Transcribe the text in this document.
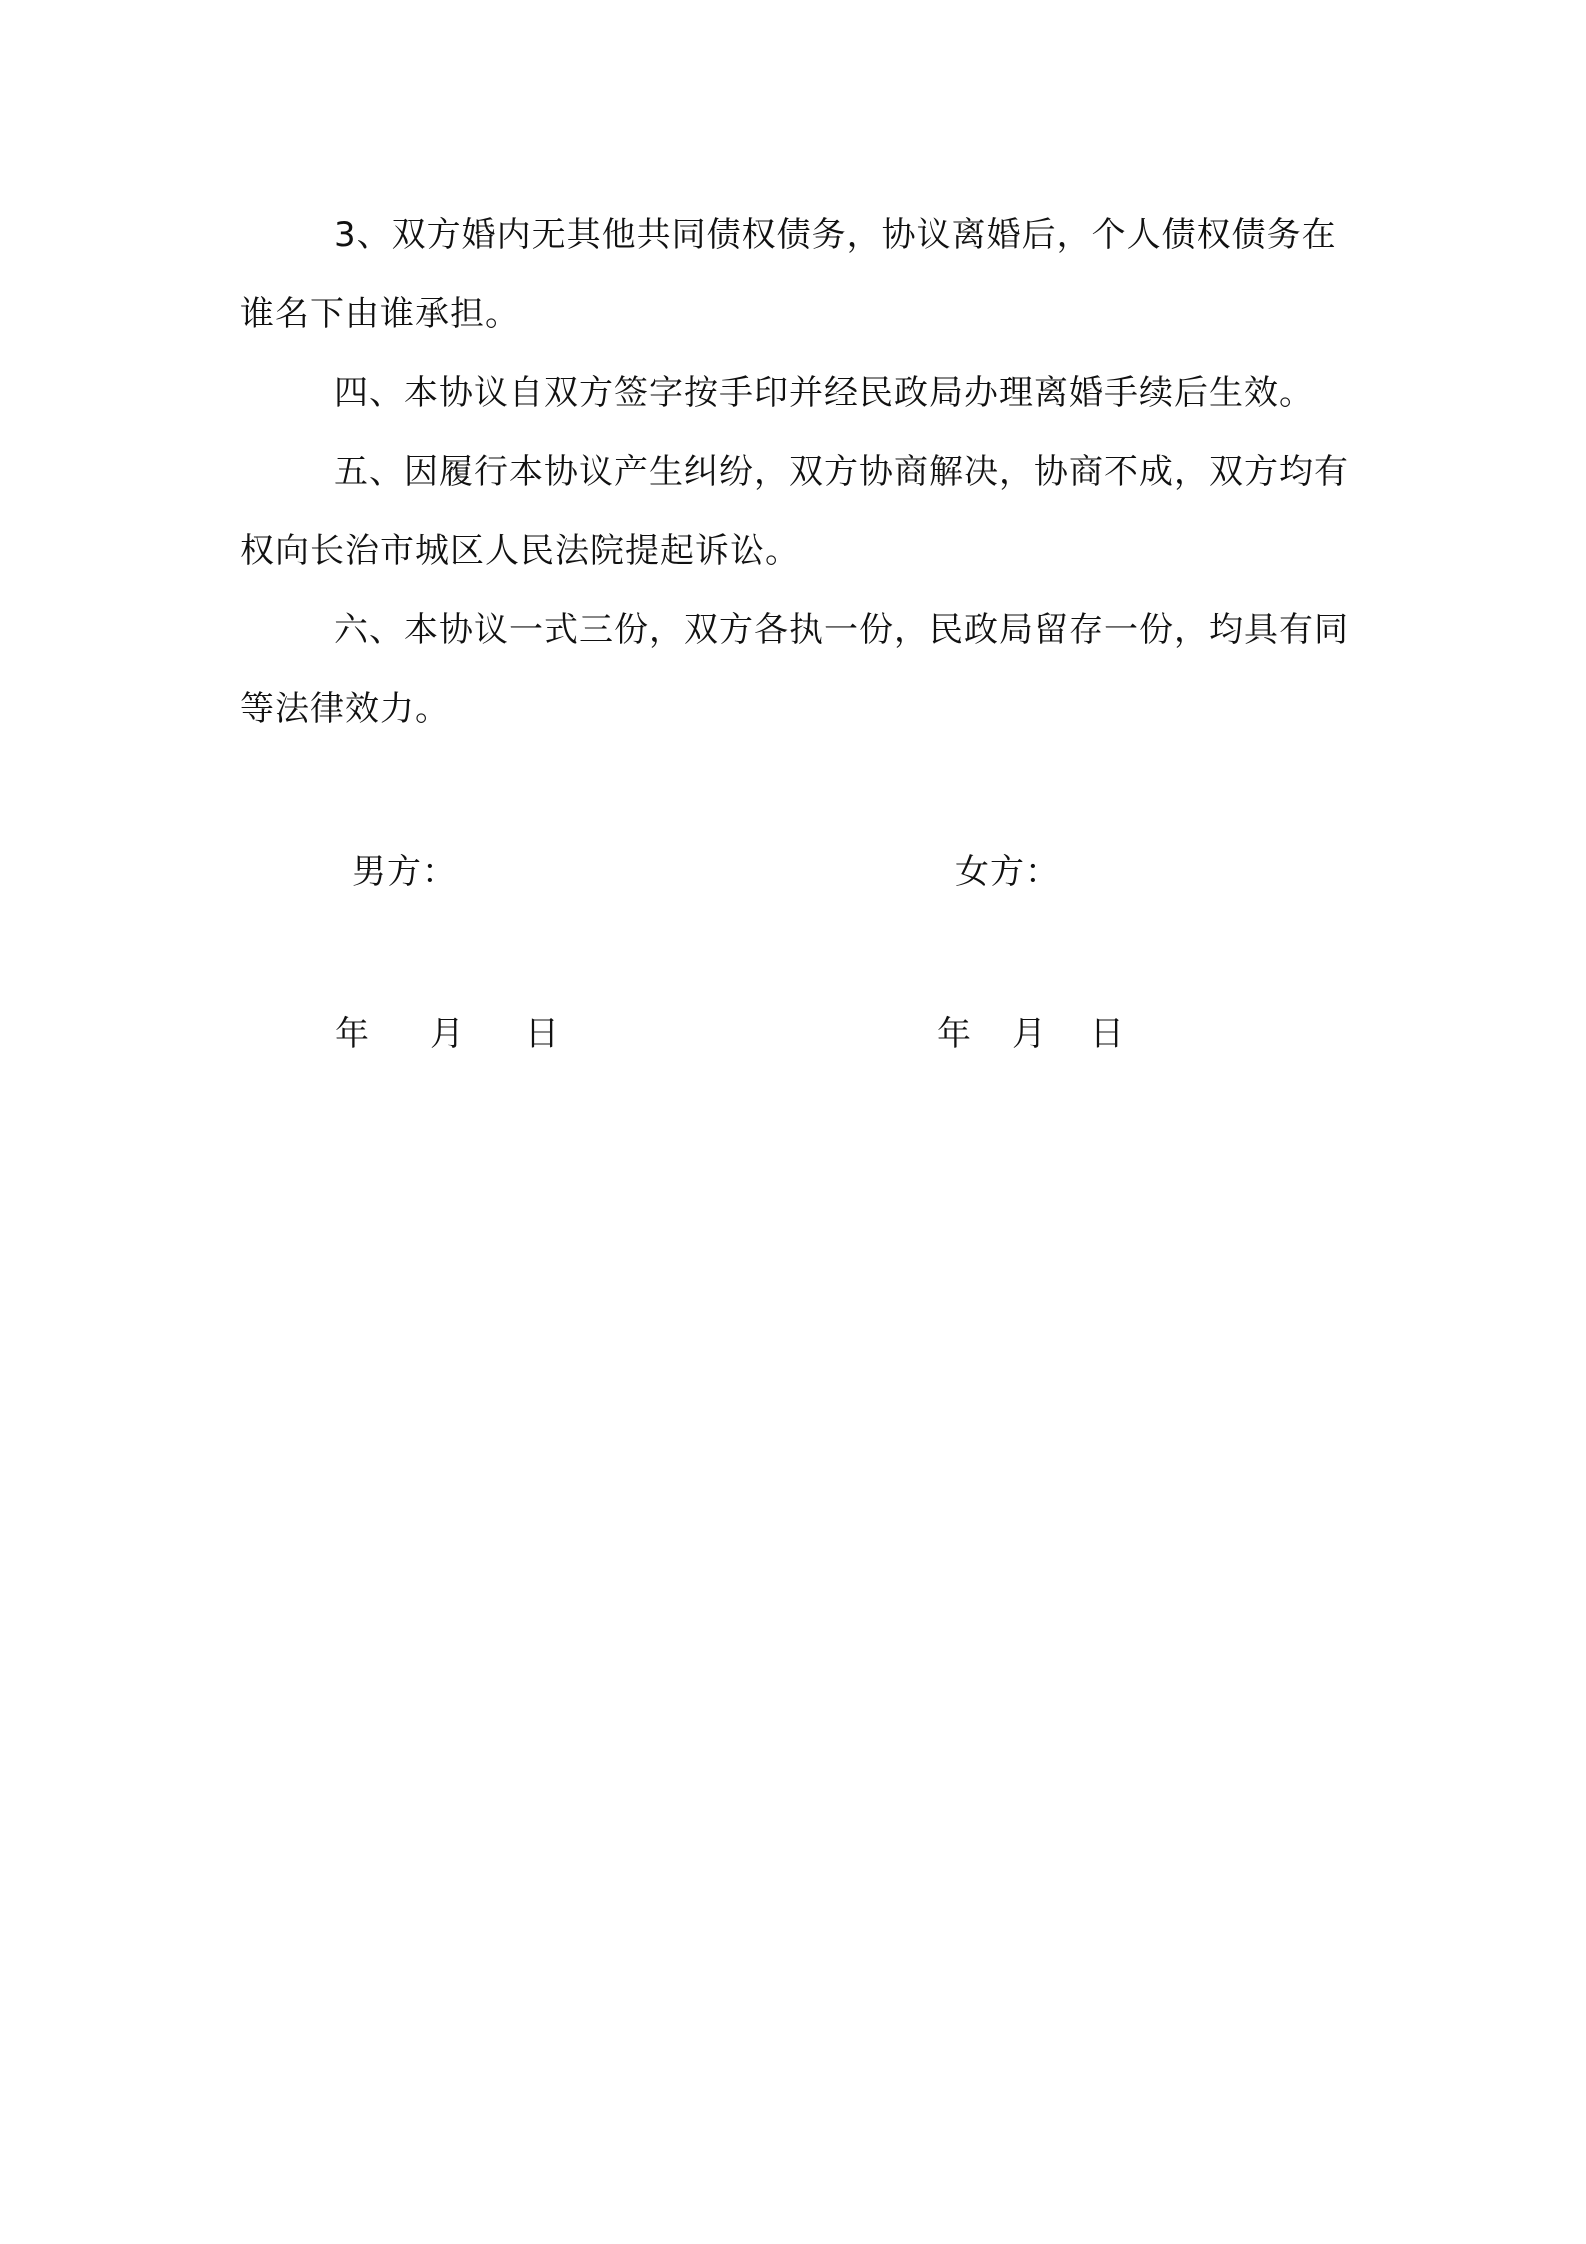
3、双方婚内无其他共同债权债务，协议离婚后，个人债权债务在谁名下由谁承担。

四、本协议自双方签字按手印并经民政局办理离婚手续后生效。

五、因履行本协议产生纠纷，双方协商解决，协商不成，双方均有权向长治市城区人民法院提起诉讼。

六、本协议一式三份，双方各执一份，民政局留存一份，均具有同等法律效力。

男方：	女方：
年 月 日	年 月 日
